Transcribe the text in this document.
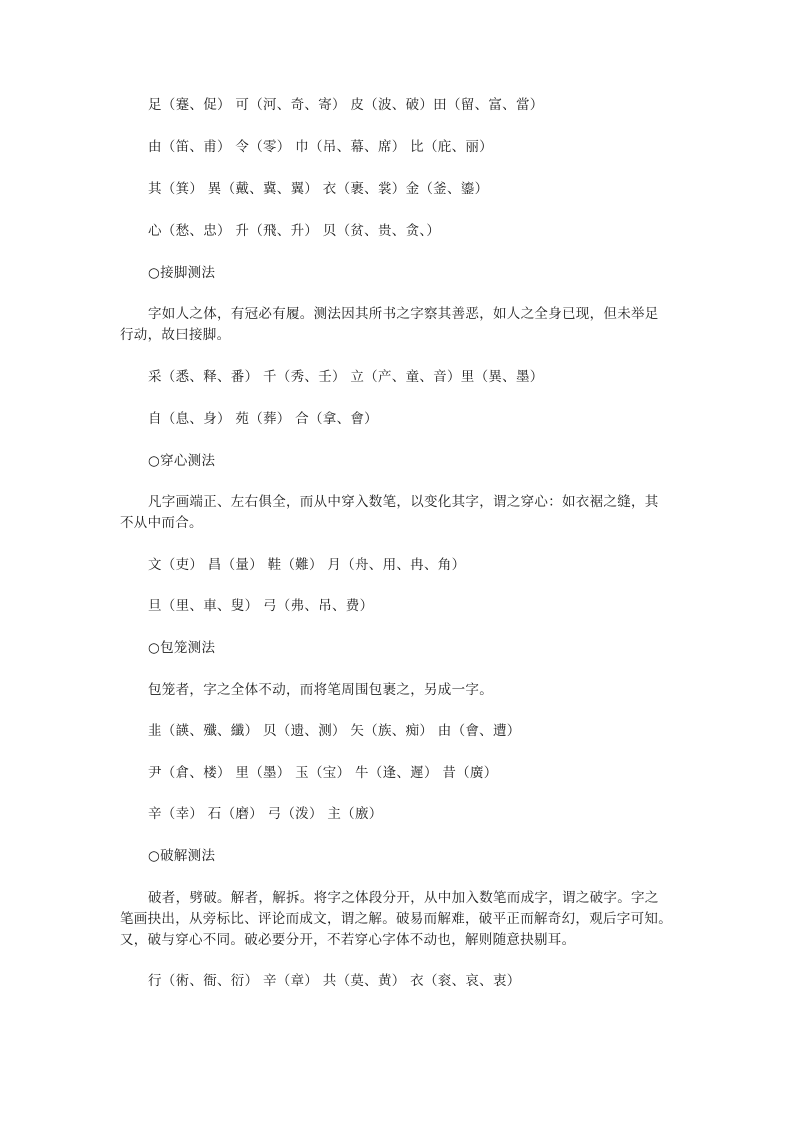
足（蹇、促） 可（河、奇、寄） 皮（波、破）田（留、富、當）
由（笛、甫） 令（零） 巾（吊、幕、席） 比（庇、丽）
其（箕） 異（戴、冀、翼） 衣（裹、裳）金（釜、鎏）
心（愁、忠） 升（飛、升） 贝（贫、贵、贪、）
○接脚测法
字如人之体，有冠必有履。测法因其所书之字察其善恶，如人之全身已现，但未举足
行动，故曰接脚。
采（悉、释、番） 千（秀、壬） 立（产、童、音）里（異、墨）
自（息、身） 苑（葬） 合（拿、會）
○穿心测法
凡字画端正、左右俱全，而从中穿入数笔，以变化其字，谓之穿心：如衣裾之缝，其
不从中而合。
文（吏） 昌（量） 鞋（難） 月（舟、用、冉、角）
旦（里、車、叟） 弓（弗、吊、费）
○包笼测法
包笼者，字之全体不动，而将笔周围包裹之，另成一字。
韭（韺、殲、纖） 贝（遗、测） 矢（族、痴） 由（會、遭）
尹（倉、楼） 里（墨） 玉（宝） 牛（逢、遲） 昔（廣）
辛（幸） 石（磨） 弓（泼） 主（廒）
○破解测法
破者，劈破。解者，解拆。将字之体段分开，从中加入数笔而成字，谓之破字。字之
笔画抉出，从旁标比、评论而成文，谓之解。破易而解难，破平正而解奇幻，观后字可知。
又，破与穿心不同。破必要分开，不若穿心字体不动也，解则随意抉剔耳。
行（術、衙、衍） 辛（章） 共（莫、黄） 衣（衮、哀、衷）
